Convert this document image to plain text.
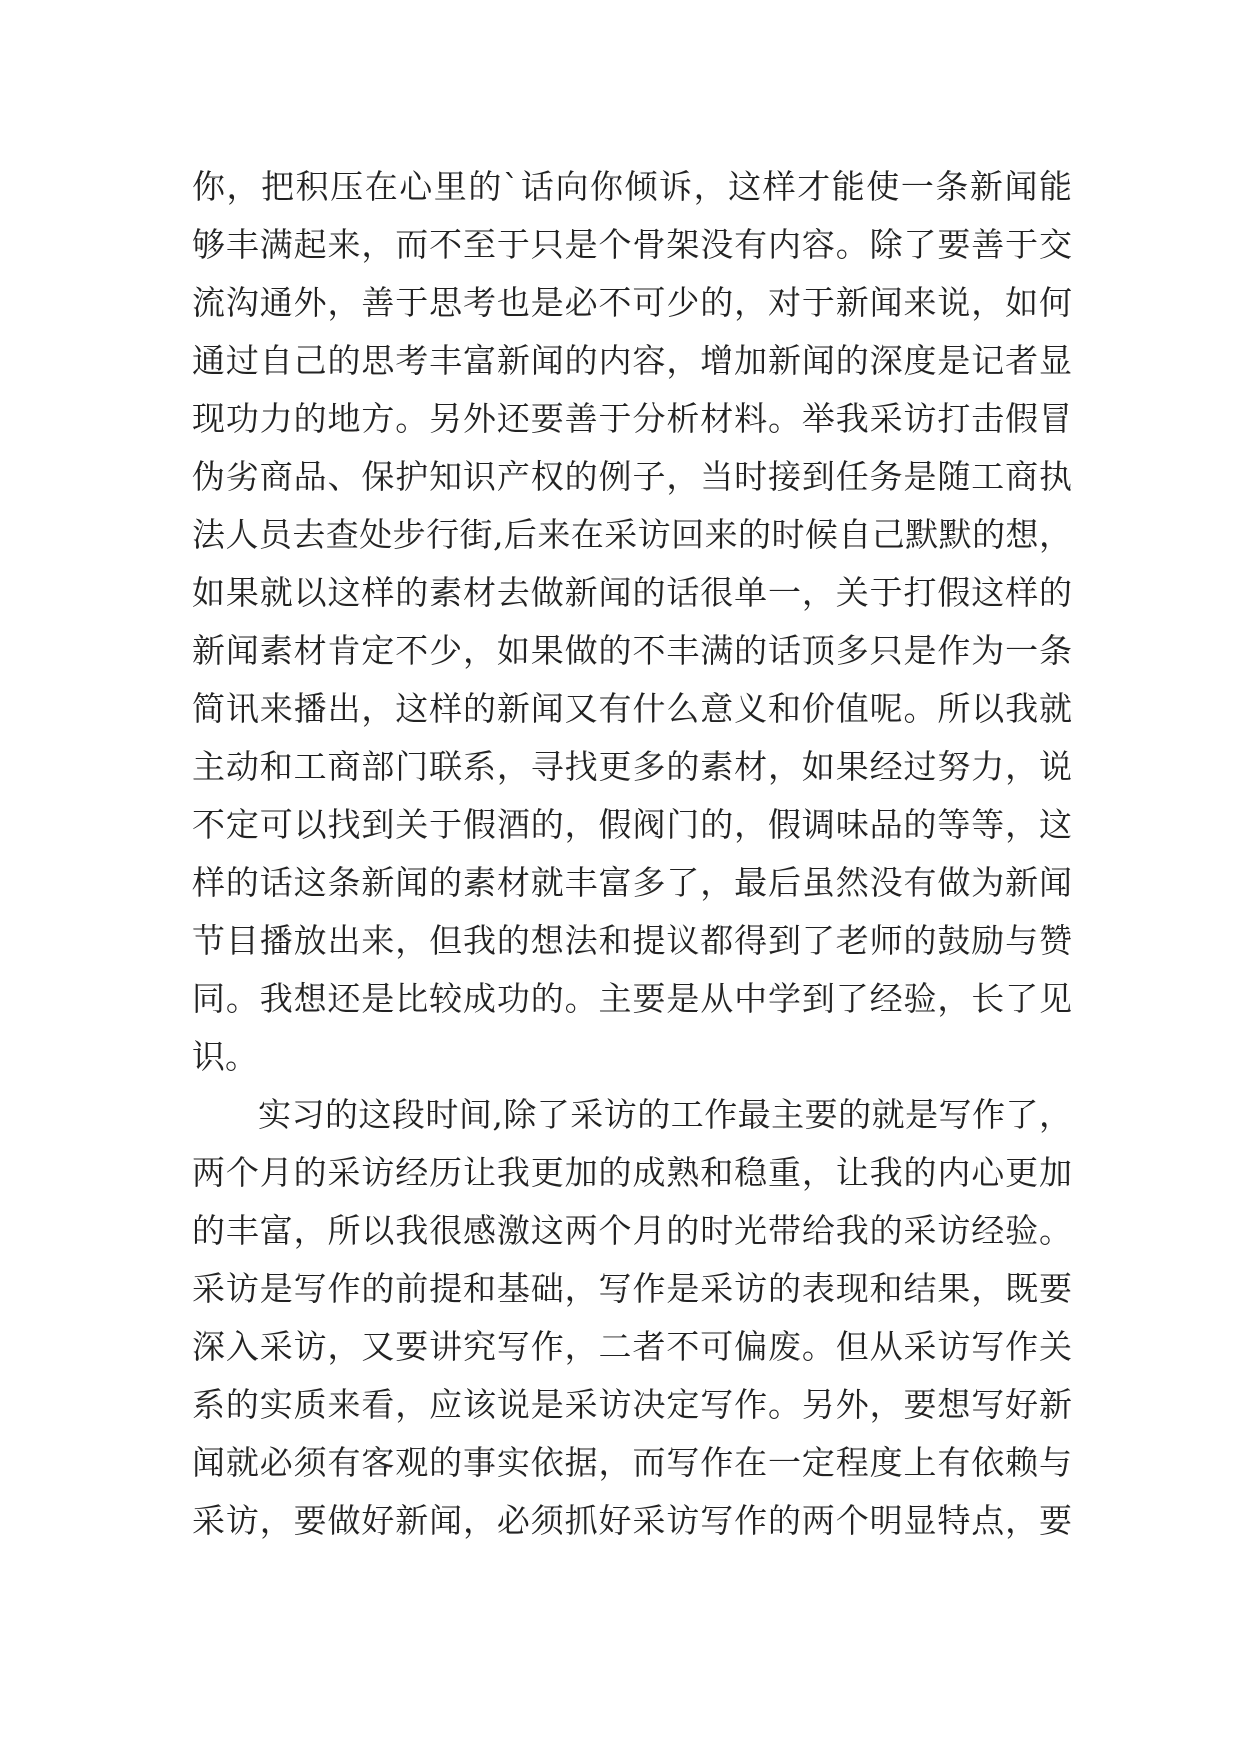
你，把积压在心里的`话向你倾诉，这样才能使一条新闻能
够丰满起来，而不至于只是个骨架没有内容。除了要善于交
流沟通外，善于思考也是必不可少的，对于新闻来说，如何
通过自己的思考丰富新闻的内容，增加新闻的深度是记者显
现功力的地方。另外还要善于分析材料。举我采访打击假冒
伪劣商品、保护知识产权的例子，当时接到任务是随工商执
法人员去查处步行街,后来在采访回来的时候自己默默的想，
如果就以这样的素材去做新闻的话很单一，关于打假这样的
新闻素材肯定不少，如果做的不丰满的话顶多只是作为一条
简讯来播出，这样的新闻又有什么意义和价值呢。所以我就
主动和工商部门联系，寻找更多的素材，如果经过努力，说
不定可以找到关于假酒的，假阀门的，假调味品的等等，这
样的话这条新闻的素材就丰富多了，最后虽然没有做为新闻
节目播放出来，但我的想法和提议都得到了老师的鼓励与赞
同。我想还是比较成功的。主要是从中学到了经验，长了见
识。
实习的这段时间,除了采访的工作最主要的就是写作了，
两个月的采访经历让我更加的成熟和稳重，让我的内心更加
的丰富，所以我很感激这两个月的时光带给我的采访经验。
采访是写作的前提和基础，写作是采访的表现和结果，既要
深入采访，又要讲究写作，二者不可偏废。但从采访写作关
系的实质来看，应该说是采访决定写作。另外，要想写好新
闻就必须有客观的事实依据，而写作在一定程度上有依赖与
采访，要做好新闻，必须抓好采访写作的两个明显特点，要
